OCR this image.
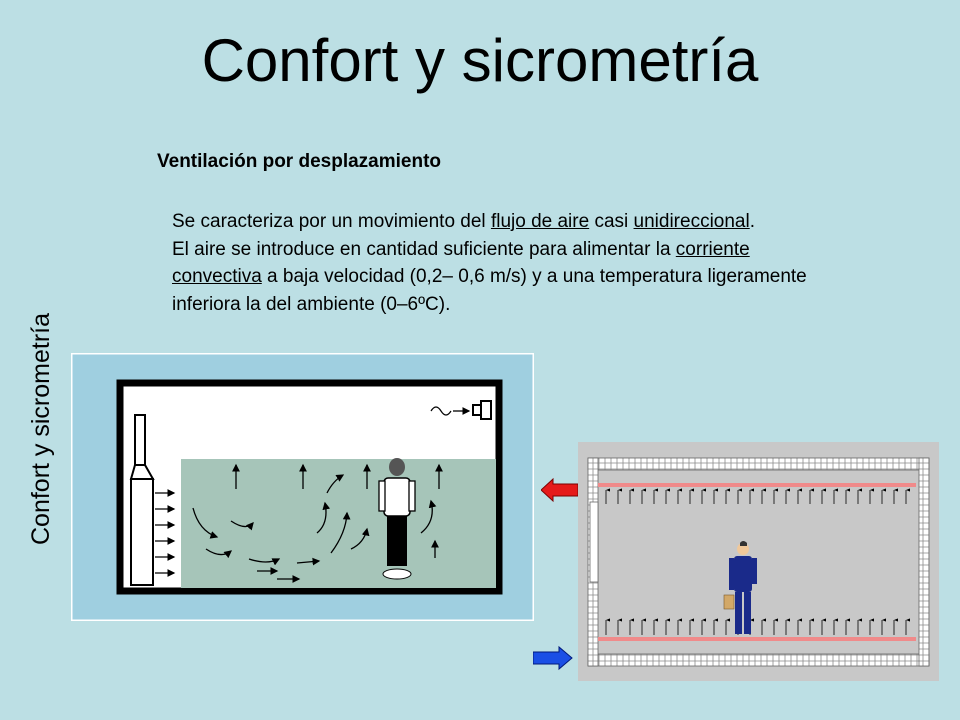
Confort y sicrometría
Confort y sicrometría
Ventilación por desplazamiento

Se caracteriza por un movimiento del flujo de aire casi unidireccional.

El aire se introduce en cantidad suficiente para alimentar la corriente convectiva a baja velocidad (0,2– 0,6 m/s) y a una temperatura ligeramente inferiora la del ambiente (0–6ºC).
